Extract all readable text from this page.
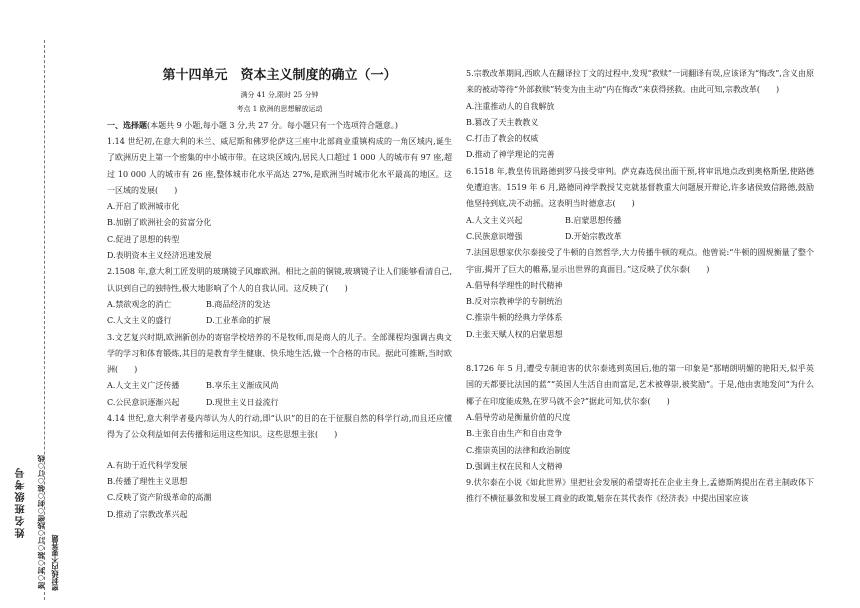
姓名班级考号 密○封○装○订○线密○封○装○订○线 密封线内不要答题
第十四单元　资本主义制度的确立（一）
满分 41 分,限时 25 分钟
考点 1 欧洲的思想解放运动
一、选择题(本题共 9 小题,每小题 3 分,共 27 分。每小题只有一个选项符合题意。)

1.14 世纪初,在意大利的米兰、威尼斯和佛罗伦萨这三座中北部商业重镇构成的一角区域内,诞生了欧洲历史上第一个密集的中小城市带。在这块区域内,居民人口超过 1 000 人的城市有 97 座,超过 10 000 人的城市有 26 座,整体城市化水平高达 27%,是欧洲当时城市化水平最高的地区。这一区域的发展(　　)

A.开启了欧洲城市化

B.加剧了欧洲社会的贫富分化

C.促进了思想的转型

D.表明资本主义经济迅速发展

2.1508 年,意大利工匠发明的玻璃镜子风靡欧洲。相比之前的铜镜,玻璃镜子让人们能够看清自己,认识到自己的独特性,极大地影响了个人的自我认同。这反映了(　　)

A.禁欲观念的消亡	B.商品经济的发达

C.人文主义的盛行	D.工业革命的扩展

3.文艺复兴时期,欧洲新创办的寄宿学校培养的不是牧师,而是商人的儿子。全部课程均强调古典文学的学习和体育锻炼,其目的是教育学生健康、快乐地生活,做一个合格的市民。据此可推断,当时欧洲(　　)

A.人文主义广泛传播	B.享乐主义渐成风尚

C.公民意识逐渐兴起	D.现世主义日益流行

4.14 世纪,意大利学者曼内蒂认为人的行动,即“认识”的目的在于征服自然的科学行动,而且还应懂得为了公众利益如何去传播和运用这些知识。这些思想主张(　　)

A.有助于近代科学发展

B.传播了理性主义思想

C.反映了资产阶级革命的高潮

D.推动了宗教改革兴起

5.宗教改革期间,西欧人在翻译拉丁文的过程中,发现“救赎”一词翻译有误,应该译为“悔改”,含义由原来的被动等待“外部救赎”转变为由主动“内在悔改”来获得拯救。由此可知,宗教改革(　　)

A.注重推动人的自我解放

B.篡改了天主教教义

C.打击了教会的权威

D.推动了神学理论的完善

6.1518 年,教皇传讯路德到罗马接受审判。萨克森选侯出面干预,将审讯地点改到奥格斯堡,使路德免遭迫害。1519 年 6 月,路德同神学教授艾克就基督教重大问题展开辩论,许多诸侯致信路德,鼓励他坚持到底,决不动摇。这表明当时德意志(　　)

A.人文主义兴起	B.启蒙思想传播

C.民族意识增强	D.开始宗教改革

7.法国思想家伏尔泰接受了牛顿的自然哲学,大力传播牛顿的观点。他曾说:“牛顿的圆规衡量了整个宇宙,揭开了巨大的帷幕,显示出世界的真面目。”这反映了伏尔泰(　　)

A.倡导科学理性的时代精神

B.反对宗教神学的专制统治

C.推崇牛顿的经典力学体系

D.主张天赋人权的启蒙思想

8.1726 年 5 月,遭受专制迫害的伏尔泰逃到英国后,他的第一印象是“那晴朗明媚的艳阳天,似乎英国的天都要比法国的蓝”“英国人生活自由而富足,艺术被尊崇,被奖励”。于是,他由衷地发问“为什么椰子在印度能成熟,在罗马就不会?”据此可知,伏尔泰(　　)

A.倡导劳动是衡量价值的尺度

B.主张自由生产和自由竞争

C.推崇英国的法律和政治制度

D.强调主权在民和人文精神

9.伏尔泰在小说《如此世界》里把社会发展的希望寄托在企业主身上,孟德斯鸠提出在君主制政体下推行不横征暴敛和发展工商业的政策,魁奈在其代表作《经济表》中提出国家应该
